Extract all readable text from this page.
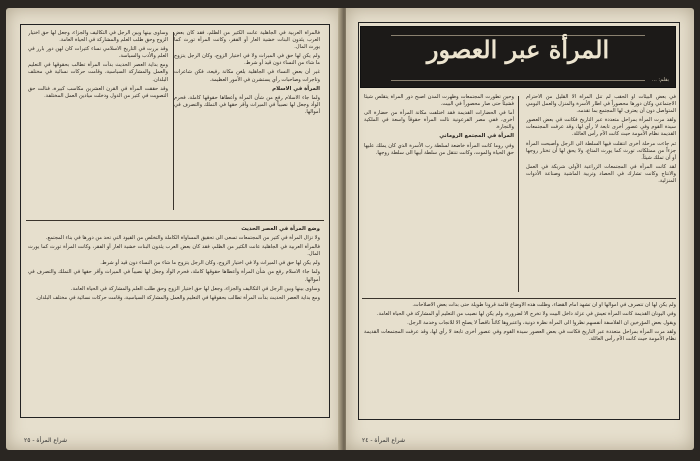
فالمرأة العربية في الجاهلية عانت الكثير من الظلم، فقد كان بعض العرب يئدون البنات خشية العار أو الفقر، وكانت المرأة تورث كما يورث المال.

ولم يكن لها حق في الميراث ولا في اختيار الزوج، وكان الرجل يتزوج ما شاء من النساء دون قيد أو شرط.

غير أن بعض النساء في الجاهلية بلغن مكانة رفيعة، فكن شاعرات وتاجرات وصاحبات رأي يستشرن في الأمور العظيمة.

المرأة في الاسلام

ولما جاء الاسلام رفع من شأن المرأة وأعطاها حقوقها كاملة، فحرم الوأد وجعل لها نصيباً في الميراث وأقر حقها في التملك والتصرف في أموالها.

وساوى بينها وبين الرجل في التكاليف والجزاء، وجعل لها حق اختيار الزوج وحق طلب العلم والمشاركة في الحياة العامة.

وقد برزت في التاريخ الاسلامي نساء كثيرات كان لهن دور بارز في العلم والأدب والسياسة.

ومع بداية العصر الحديث بدأت المرأة تطالب بحقوقها في التعليم والعمل والمشاركة السياسية، وقامت حركات نسائية في مختلف البلدان.

وقد حققت المرأة في القرن العشرين مكاسب كبيرة، فنالت حق التصويت في كثير من الدول ودخلت ميادين العمل المختلفة.

وضع المرأة في العصر الحديث

ولا تزال المرأة في كثير من المجتمعات تسعى الى تحقيق المساواة الكاملة والتخلص من القيود التي تحد من دورها في بناء المجتمع.

فالمرأة العربية في الجاهلية عانت الكثير من الظلم، فقد كان بعض العرب يئدون البنات خشية العار أو الفقر، وكانت المرأة تورث كما يورث المال.

ولم يكن لها حق في الميراث ولا في اختيار الزوج، وكان الرجل يتزوج ما شاء من النساء دون قيد أو شرط.

ولما جاء الاسلام رفع من شأن المرأة وأعطاها حقوقها كاملة، فحرم الوأد وجعل لها نصيباً في الميراث وأقر حقها في التملك والتصرف في أموالها.

وساوى بينها وبين الرجل في التكاليف والجزاء، وجعل لها حق اختيار الزوج وحق طلب العلم والمشاركة في الحياة العامة.

ومع بداية العصر الحديث بدأت المرأة تطالب بحقوقها في التعليم والعمل والمشاركة السياسية، وقامت حركات نسائية في مختلف البلدان.

شراع المرأة - ٢٥
المرأة عبر العصور
بقلم: ...

في بعض البيئات أو الحقب لم تنل المرأة الا القليل من الاحترام الاجتماعي وكان دورها محصوراً في اطار الأسرة والمنزل والعمل اليومي المتواصل دون أن يعترف لها المجتمع بما تقدمه.

ولقد مرت المرأة بمراحل متعددة عبر التاريخ فكانت في بعض العصور سيدة القوم وفي عصور أخرى تابعة لا رأي لها، وقد عرفت المجتمعات القديمة نظام الأمومة حيث كانت الأم رأس العائلة.

ثم جاءت مرحلة أخرى انتقلت فيها السلطة الى الرجل وأصبحت المرأة جزءاً من ممتلكاته، تورث كما يورث المتاع، ولا يحق لها أن تختار زوجها أو أن تملك شيئاً.

لقد كانت المرأة في المجتمعات الزراعية الأولى شريكة في العمل والانتاج وكانت تشارك في الحصاد وتربية الماشية وصناعة الأدوات المنزلية.

وحين تطورت المجتمعات وظهرت المدن أصبح دور المرأة يتقلص شيئاً فشيئاً حتى صار محصوراً في البيت.

أما في الحضارات القديمة فقد اختلفت مكانة المرأة من حضارة الى أخرى، ففي مصر الفرعونية نالت المرأة حقوقاً واسعة في الملكية والتجارة.

المرأة في المجتمع الروماني

وفي روما كانت المرأة خاضعة لسلطة رب الأسرة الذي كان يملك عليها حق الحياة والموت، وكانت تنتقل من سلطة أبيها الى سلطة زوجها.

ولم يكن لها أن تتصرف في أموالها أو أن تشهد أمام القضاء، وظلت هذه الأوضاع قائمة قروناً طويلة حتى بدأت بعض الاصلاحات.

وفي اليونان القديمة كانت المرأة تعيش في عزلة داخل البيت ولا تخرج الا لضرورة، ولم يكن لها نصيب من التعليم أو المشاركة في الحياة العامة.

ويقول بعض المؤرخين ان الفلاسفة أنفسهم نظروا الى المرأة نظرة دونية، واعتبروها كائناً ناقصاً لا يصلح الا للانجاب وخدمة الرجل.

ولقد مرت المرأة بمراحل متعددة عبر التاريخ فكانت في بعض العصور سيدة القوم وفي عصور أخرى تابعة لا رأي لها، وقد عرفت المجتمعات القديمة نظام الأمومة حيث كانت الأم رأس العائلة.

شراع المرأة - ٢٤
